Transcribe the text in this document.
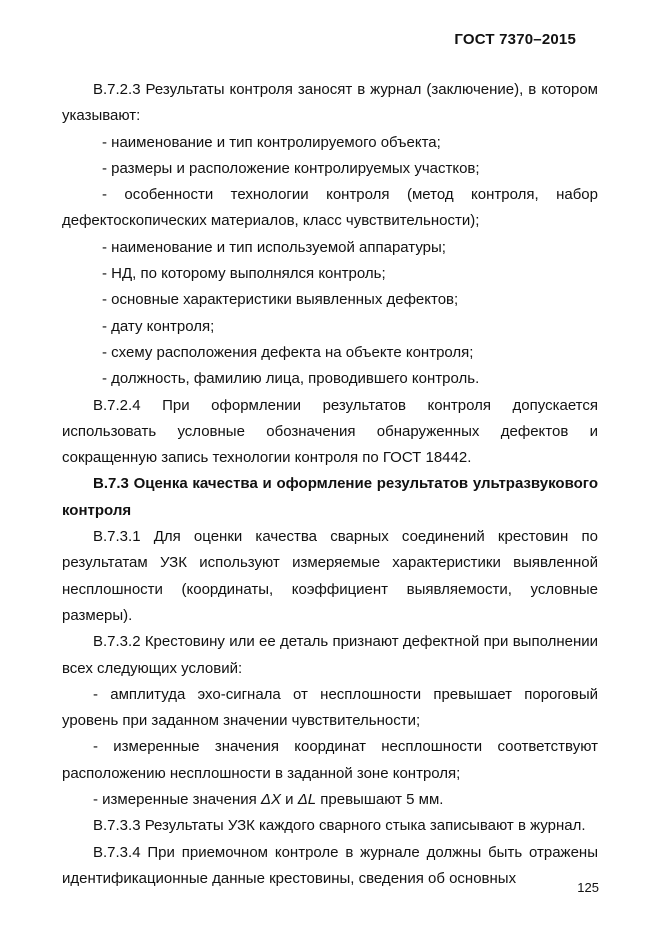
ГОСТ 7370–2015

В.7.2.3 Результаты контроля заносят в журнал (заключение), в котором указывают:

- наименование и тип контролируемого объекта;

- размеры и расположение контролируемых участков;

- особенности технологии контроля (метод контроля, набор дефектоскопических материалов, класс чувствительности);

- наименование и тип используемой аппаратуры;

- НД, по которому выполнялся контроль;

- основные характеристики выявленных дефектов;

- дату контроля;

- схему расположения дефекта на объекте контроля;

- должность, фамилию лица, проводившего контроль.

В.7.2.4 При оформлении результатов контроля допускается использовать условные обозначения обнаруженных дефектов и сокращенную запись технологии контроля по ГОСТ 18442.

В.7.3 Оценка качества и оформление результатов ультразвукового контроля

В.7.3.1 Для оценки качества сварных соединений крестовин по результатам УЗК используют измеряемые характеристики выявленной несплошности (координаты, коэффициент выявляемости, условные размеры).

В.7.3.2 Крестовину или ее деталь признают дефектной при выполнении всех следующих условий:

- амплитуда эхо-сигнала от несплошности превышает пороговый уровень при заданном значении чувствительности;

- измеренные значения координат несплошности соответствуют расположению несплошности в заданной зоне контроля;

- измеренные значения ΔX и ΔL превышают 5 мм.

В.7.3.3 Результаты УЗК каждого сварного стыка записывают в журнал.

В.7.3.4 При приемочном контроле в журнале должны быть отражены идентификационные данные крестовины, сведения об основных

125
